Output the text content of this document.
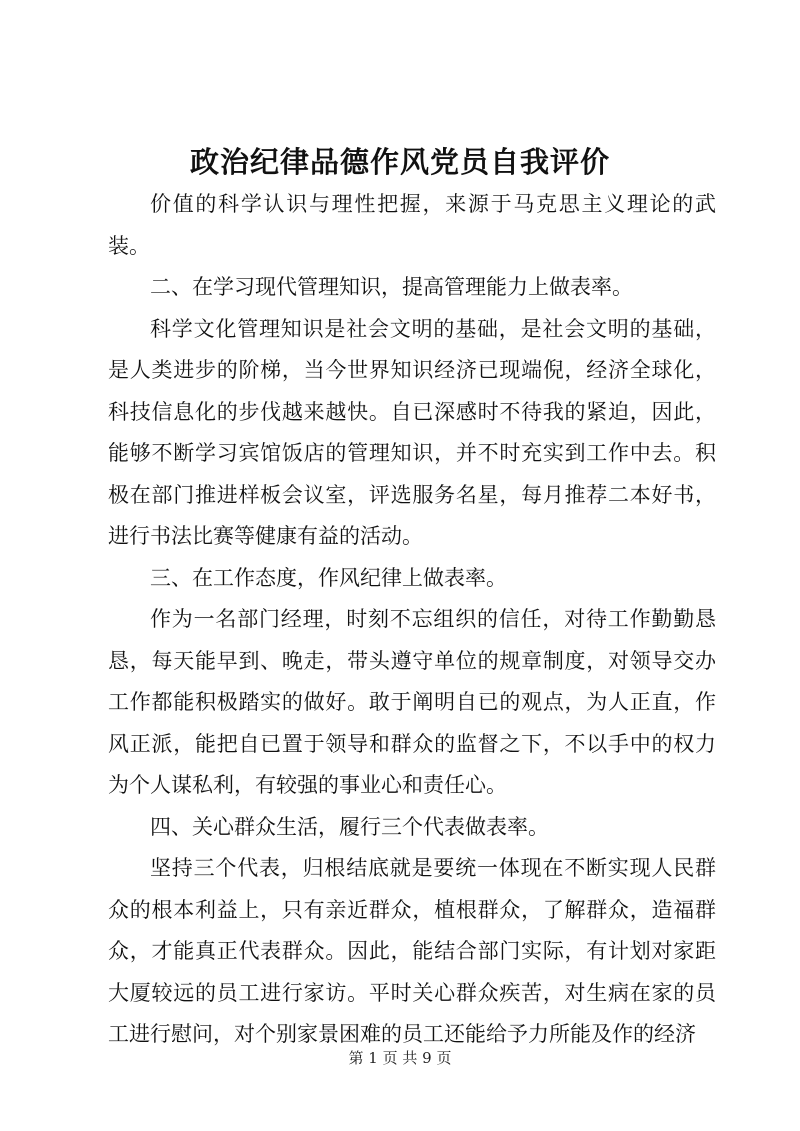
政治纪律品德作风党员自我评价

价值的科学认识与理性把握，来源于马克思主义理论的武装。

二、在学习现代管理知识，提高管理能力上做表率。

科学文化管理知识是社会文明的基础，是社会文明的基础，是人类进步的阶梯，当今世界知识经济已现端倪，经济全球化，科技信息化的步伐越来越快。自已深感时不待我的紧迫，因此，能够不断学习宾馆饭店的管理知识，并不时充实到工作中去。积极在部门推进样板会议室，评选服务名星，每月推荐二本好书，进行书法比赛等健康有益的活动。

三、在工作态度，作风纪律上做表率。

作为一名部门经理，时刻不忘组织的信任，对待工作勤勤恳恳，每天能早到、晚走，带头遵守单位的规章制度，对领导交办工作都能积极踏实的做好。敢于阐明自已的观点，为人正直，作风正派，能把自已置于领导和群众的监督之下，不以手中的权力为个人谋私利，有较强的事业心和责任心。

四、关心群众生活，履行三个代表做表率。

坚持三个代表，归根结底就是要统一体现在不断实现人民群众的根本利益上，只有亲近群众，植根群众，了解群众，造福群众，才能真正代表群众。因此，能结合部门实际，有计划对家距大厦较远的员工进行家访。平时关心群众疾苦，对生病在家的员工进行慰问，对个别家景困难的员工还能给予力所能及作的经济

第 1 页 共 9 页
